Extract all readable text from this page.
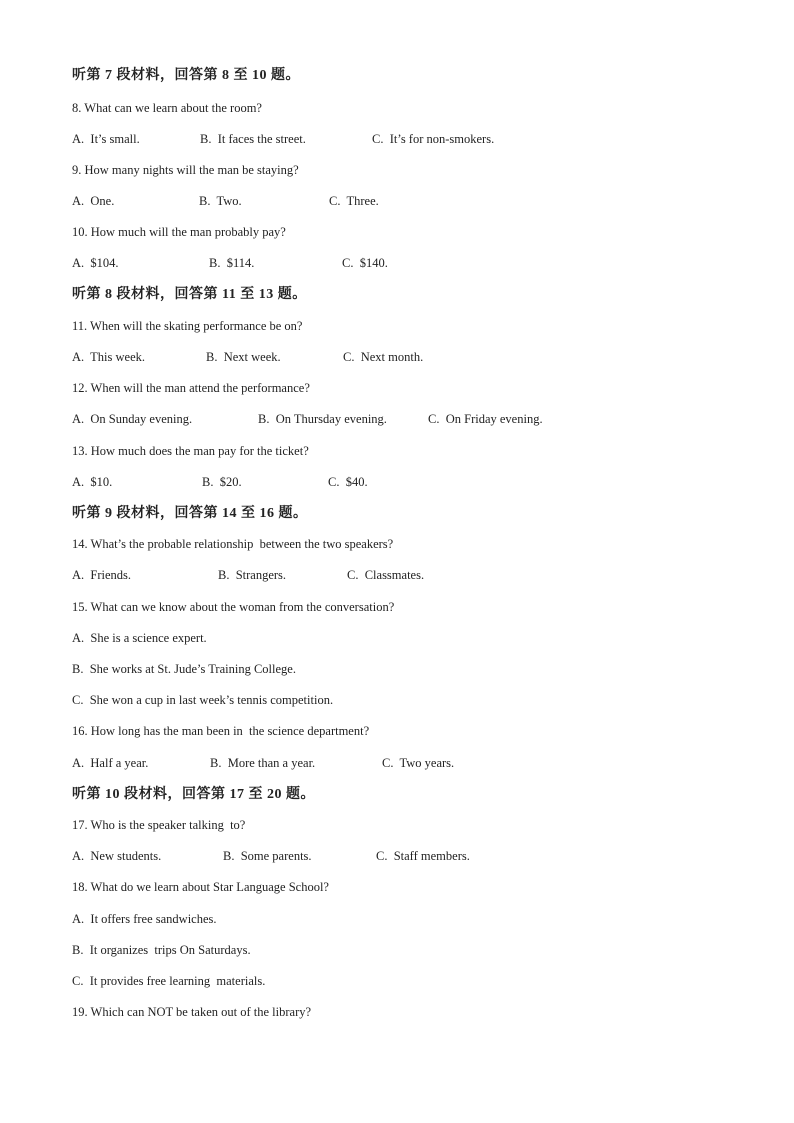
听第 7 段材料，回答第 8 至 10 题。
8. What can we learn about the room?

A.  It’s small.

	B.  It faces the street.

	C.  It’s for non-smokers.

9. How many nights will the man be staying?

A.  One.

	B.  Two.

	C.  Three.

10. How much will the man probably pay?

A.  $104.

	B.  $114.

	C.  $140.

听第 8 段材料，回答第 11 至 13 题。
11. When will the skating performance be on?

A.  This week.

	B.  Next week.

	C.  Next month.

12. When will the man attend the performance?

A.  On Sunday evening.

	B.  On Thursday evening.

	C.  On Friday evening.

13. How much does the man pay for the ticket?

A.  $10.

	B.  $20.

	C.  $40.

听第 9 段材料，回答第 14 至 16 题。
14. What’s the probable relationship  between the two speakers?

A.  Friends.

	B.  Strangers.

	C.  Classmates.

15. What can we know about the woman from the conversation?
A.  She is a science expert.
B.  She works at St. Jude’s Training College.
C.  She won a cup in last week’s tennis competition.
16. How long has the man been in  the science department?

A.  Half a year.

	B.  More than a year.

	C.  Two years.

听第 10 段材料，回答第 17 至 20 题。
17. Who is the speaker talking  to?

A.  New students.

	B.  Some parents.

	C.  Staff members.

18. What do we learn about Star Language School?
A.  It offers free sandwiches.
B.  It organizes  trips On Saturdays.
C.  It provides free learning  materials.
19. Which can NOT be taken out of the library?
